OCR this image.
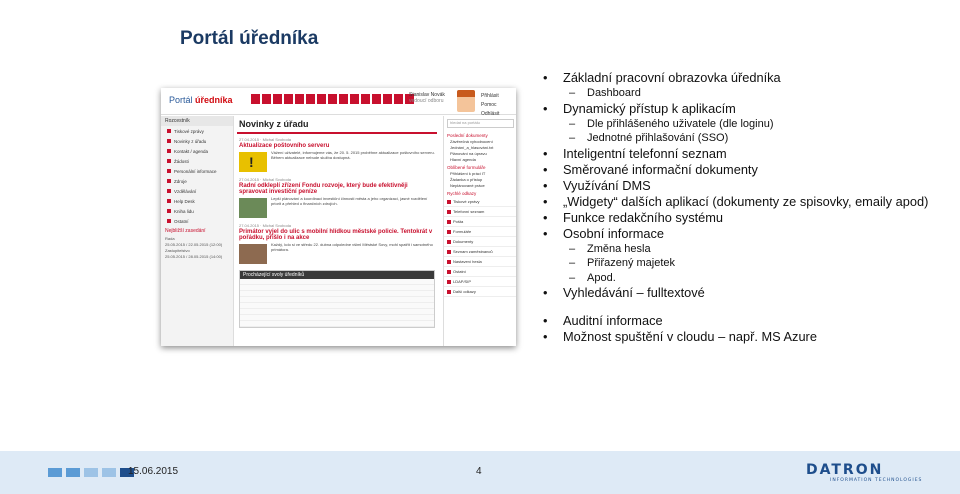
Portál úředníka
Portál úředníka	Stanislav Novák
vedoucí odboru
Přihlásit
Pomoc
Odhlásit
Rozcestník
Tiskové zprávy
Novinky z úřadu
Kontakt / agenda
Žádosti
Personální informace
Zdroje
Vzdělávání
Help Desk
Kniha lidu
Ostatní
Nejbližší zasedání
Rada
25.05.2015 / 22.05.2015 (12:00)
Zastupitelstvo
25.05.2015 / 28.05.2015 (14:00)
Novinky z úřadu
27.04.2015 · Michal Svoboda
Aktualizace poštovního serveru
!
Vážení uživatelé, informujeme vás, že 20. 5. 2015 proběhne aktualizace poštovního serveru. Během aktualizace nebude služba dostupná.
27.04.2015 · Michal Svoboda
Radní odkleplí zřízení Fondu rozvoje, který bude efektivněji spravovat investiční peníze
Lepší plánování a koordinaci investiční činnosti města a jeho organizací, jasné rozdělení priorit a přehled o finančních zdrojích.
27.04.2015 · Michal Svoboda
Primátor vyjel do ulic s mobilní hlídkou městské policie. Tentokrát v pořádku, přišlo i na akce
Každý, kdo si ve středu 22. dubna odpoledne všiml Městské Sovy, mohl spatřit i samotného primátora.
Procházející svoly úředníků
hledat na portálu
Poslední dokumenty
Závěrečná vyhodnocení
Jednání_a_hlasování.txt
Plánování na úpravu
Hlavní agenda
Oblíbené formuláře
Přihlášení k práci IT
Žádanka o přístup
Neplánované práce
Rychlé odkazy
Tiskové zprávy
Telefonní seznam
Pošta
Formuláře
Dokumenty
Seznam zaměstnanců
Nastavení hesla
Ostatní
LDAP/SIP
Další odkazy
• Základní pracovní obrazovka úředníka
– Dashboard
• Dynamický přístup k aplikacím
– Dle přihlášeného uživatele (dle loginu)
– Jednotné přihlašování (SSO)
• Inteligentní telefonní seznam
• Směrované informační dokumenty
• Využívání DMS
• „Widgety“ dalších aplikací (dokumenty ze spisovky, emaily apod)
• Funkce redakčního systému
• Osobní informace
– Změna hesla
– Přiřazený majetek
– Apod.
• Vyhledávání – fulltextové
• Auditní informace
• Možnost spuštění v cloudu – např. MS Azure
15.06.2015	4	DATRON
INFORMATION TECHNOLOGIES
